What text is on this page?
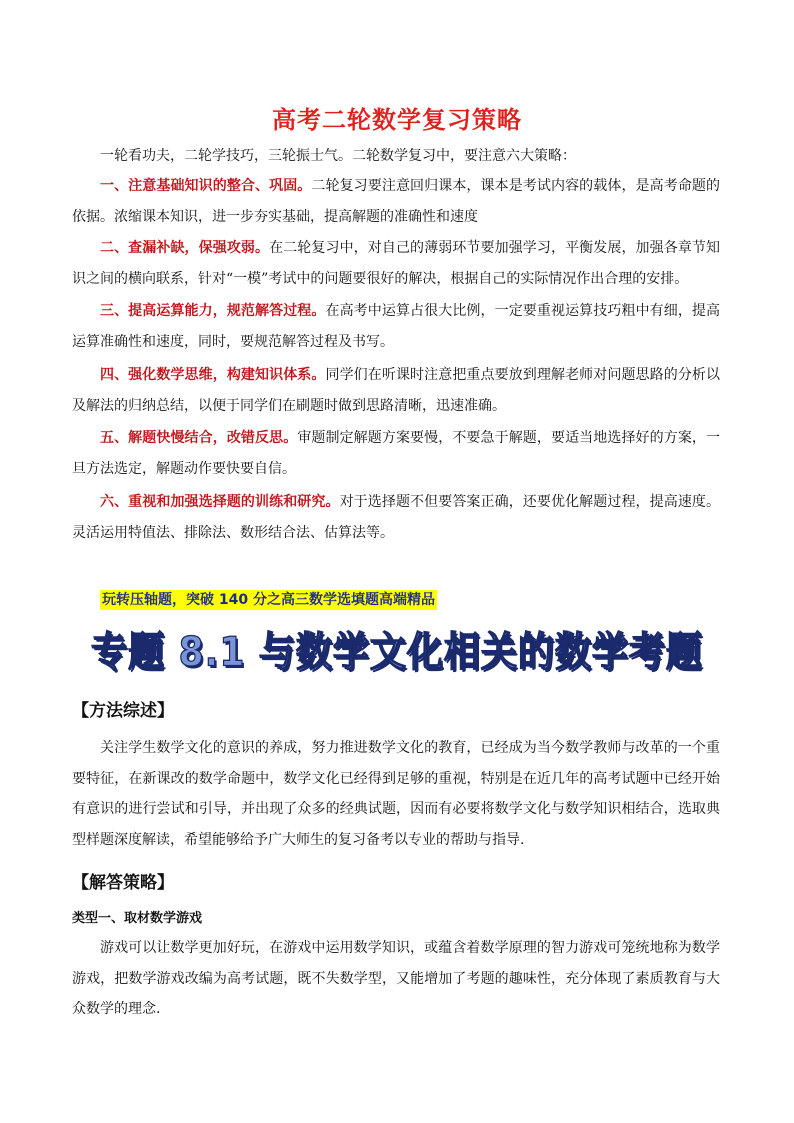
高考二轮数学复习策略

一轮看功夫，二轮学技巧，三轮振士气。二轮数学复习中，要注意六大策略：

一、注意基础知识的整合、巩固。二轮复习要注意回归课本，课本是考试内容的载体，是高考命题的依据。浓缩课本知识，进一步夯实基础，提高解题的准确性和速度

二、查漏补缺，保强攻弱。在二轮复习中，对自己的薄弱环节要加强学习，平衡发展，加强各章节知识之间的横向联系，针对“一模”考试中的问题要很好的解决，根据自己的实际情况作出合理的安排。

三、提高运算能力，规范解答过程。在高考中运算占很大比例，一定要重视运算技巧粗中有细，提高运算准确性和速度，同时，要规范解答过程及书写。

四、强化数学思维，构建知识体系。同学们在听课时注意把重点要放到理解老师对问题思路的分析以及解法的归纳总结，以便于同学们在刷题时做到思路清晰，迅速准确。

五、解题快慢结合，改错反思。审题制定解题方案要慢，不要急于解题，要适当地选择好的方案，一旦方法选定，解题动作要快要自信。

六、重视和加强选择题的训练和研究。对于选择题不但要答案正确，还要优化解题过程，提高速度。灵活运用特值法、排除法、数形结合法、估算法等。

玩转压轴题，突破 140 分之高三数学选填题高端精品
专题 8.1 与数学文化相关的数学考题
【方法综述】

关注学生数学文化的意识的养成，努力推进数学文化的教育，已经成为当今数学教师与改革的一个重要特征，在新课改的数学命题中，数学文化已经得到足够的重视，特别是在近几年的高考试题中已经开始有意识的进行尝试和引导，并出现了众多的经典试题，因而有必要将数学文化与数学知识相结合，选取典型样题深度解读，希望能够给予广大师生的复习备考以专业的帮助与指导.

【解答策略】
类型一、取材数学游戏

游戏可以让数学更加好玩，在游戏中运用数学知识，或蕴含着数学原理的智力游戏可笼统地称为数学游戏，把数学游戏改编为高考试题，既不失数学型，又能增加了考题的趣味性，充分体现了素质教育与大众数学的理念.
